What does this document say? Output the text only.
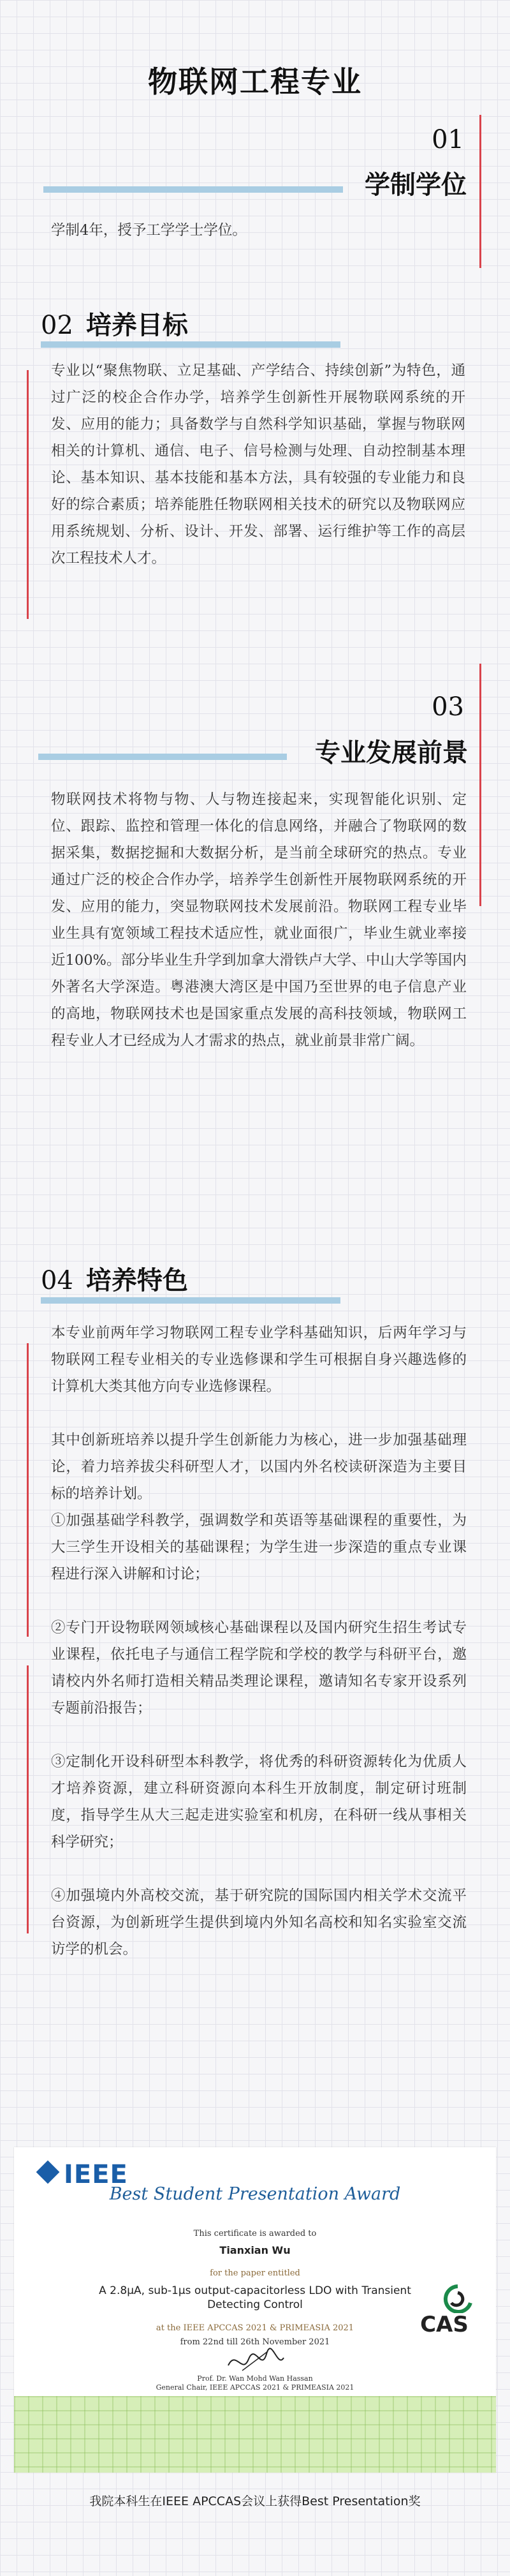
物联网工程专业
01
学制学位

学制4年，授予工学学士学位。

02 培养目标

专业以“聚焦物联、立足基础、产学结合、持续创新”为特色，通过广泛的校企合作办学，培养学生创新性开展物联网系统的开发、应用的能力；具备数学与自然科学知识基础，掌握与物联网相关的计算机、通信、电子、信号检测与处理、自动控制基本理论、基本知识、基本技能和基本方法，具有较强的专业能力和良好的综合素质；培养能胜任物联网相关技术的研究以及物联网应用系统规划、分析、设计、开发、部署、运行维护等工作的高层次工程技术人才。

03
专业发展前景

物联网技术将物与物、人与物连接起来，实现智能化识别、定位、跟踪、监控和管理一体化的信息网络，并融合了物联网的数据采集，数据挖掘和大数据分析，是当前全球研究的热点。专业通过广泛的校企合作办学，培养学生创新性开展物联网系统的开发、应用的能力，突显物联网技术发展前沿。物联网工程专业毕业生具有宽领域工程技术适应性，就业面很广，毕业生就业率接近100%。部分毕业生升学到加拿大滑铁卢大学、中山大学等国内外著名大学深造。粤港澳大湾区是中国乃至世界的电子信息产业的高地，物联网技术也是国家重点发展的高科技领域，物联网工程专业人才已经成为人才需求的热点，就业前景非常广阔。

04 培养特色

本专业前两年学习物联网工程专业学科基础知识，后两年学习与物联网工程专业相关的专业选修课和学生可根据自身兴趣选修的计算机大类其他方向专业选修课程。

其中创新班培养以提升学生创新能力为核心，进一步加强基础理论，着力培养拔尖科研型人才，以国内外名校读研深造为主要目标的培养计划。

①加强基础学科教学，强调数学和英语等基础课程的重要性，为大三学生开设相关的基础课程；为学生进一步深造的重点专业课程进行深入讲解和讨论；

②专门开设物联网领域核心基础课程以及国内研究生招生考试专业课程，依托电子与通信工程学院和学校的教学与科研平台，邀请校内外名师打造相关精品类理论课程，邀请知名专家开设系列专题前沿报告；

③定制化开设科研型本科教学，将优秀的科研资源转化为优质人才培养资源，建立科研资源向本科生开放制度，制定研讨班制度，指导学生从大三起走进实验室和机房，在科研一线从事相关科学研究；

④加强境内外高校交流，基于研究院的国际国内相关学术交流平台资源，为创新班学生提供到境内外知名高校和知名实验室交流访学的机会。

IEEE
Best Student Presentation Award
This certificate is awarded to
Tianxian Wu
for the paper entitled
A 2.8μA, sub-1μs output-capacitorless LDO with Transient Detecting Control
at the IEEE APCCAS 2021 & PRIMEASIA 2021
from 22nd till 26th November 2021
Prof. Dr. Wan Mohd Wan Hassan
General Chair, IEEE APCCAS 2021 & PRIMEASIA 2021
CAS
我院本科生在IEEE APCCAS会议上获得Best Presentation奖
